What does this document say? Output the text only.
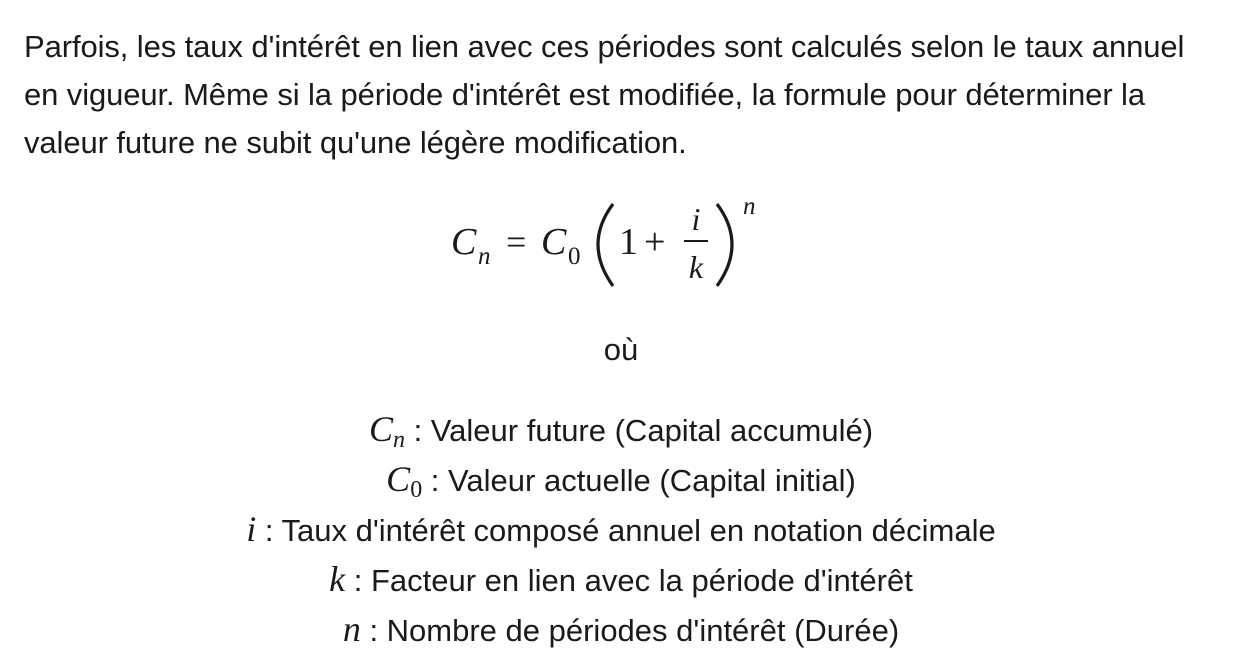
Parfois, les taux d'intérêt en lien avec ces périodes sont calculés selon le taux annuel en vigueur. Même si la période d'intérêt est modifiée, la formule pour déterminer la valeur future ne subit qu'une légère modification.

C n = C 0 1 +
i
k
n
où
$C_n$ : Valeur future (Capital accumulé)
$C_0$ : Valeur actuelle (Capital initial)
i : Taux d'intérêt composé annuel en notation décimale
k : Facteur en lien avec la période d'intérêt
n : Nombre de périodes d'intérêt (Durée)
